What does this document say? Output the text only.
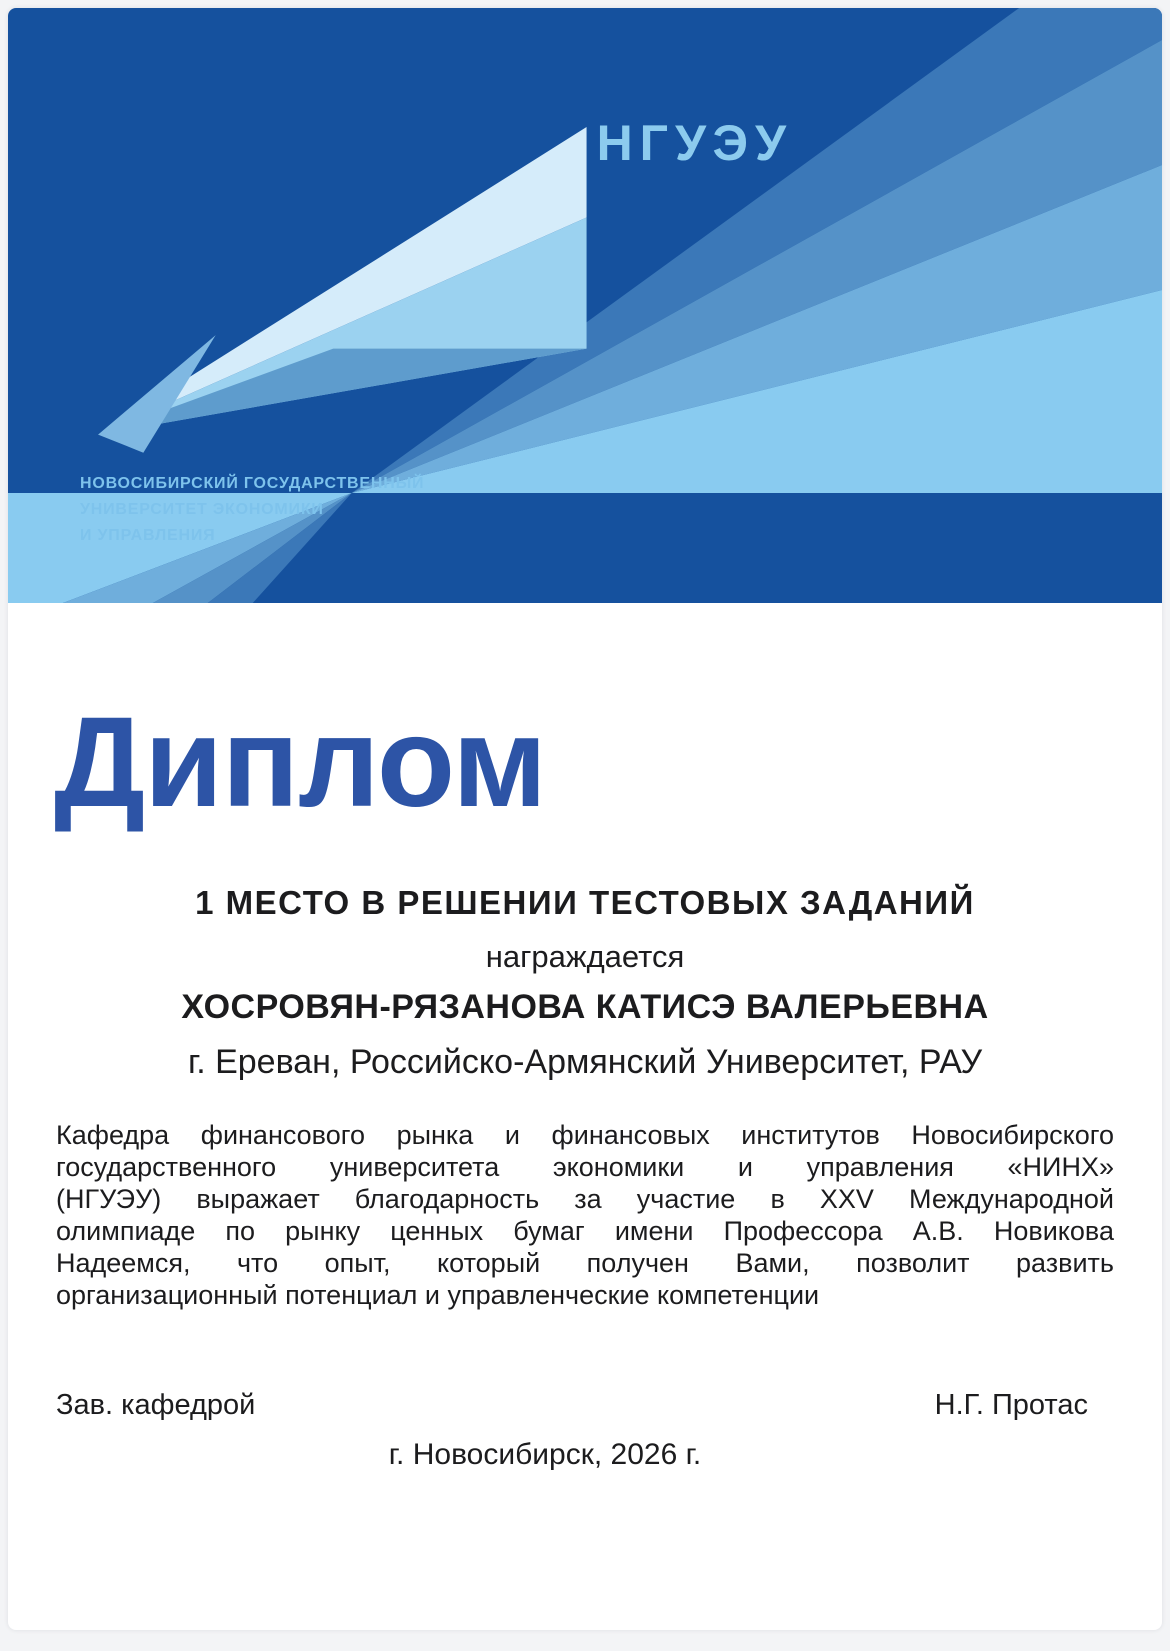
НГУЭУ
НОВОСИБИРСКИЙ ГОСУДАРСТВЕННЫЙ
УНИВЕРСИТЕТ ЭКОНОМИКИ
И УПРАВЛЕНИЯ
Диплом
1 МЕСТО В РЕШЕНИИ ТЕСТОВЫХ ЗАДАНИЙ
награждается
ХОСРОВЯН-РЯЗАНОВА КАТИСЭ ВАЛЕРЬЕВНА
г. Ереван, Российско-Армянский Университет, РАУ
Кафедра финансового рынка и финансовых институтов Новосибирского
государственного университета экономики и управления «НИНХ»
(НГУЭУ) выражает благодарность за участие в XXV Международной
олимпиаде по рынку ценных бумаг имени Профессора А.В. Новикова
Надеемся, что опыт, который получен Вами, позволит развить
организационный потенциал и управленческие компетенции
Зав. кафедрой	Н.Г. Протас
г. Новосибирск, 2026 г.
